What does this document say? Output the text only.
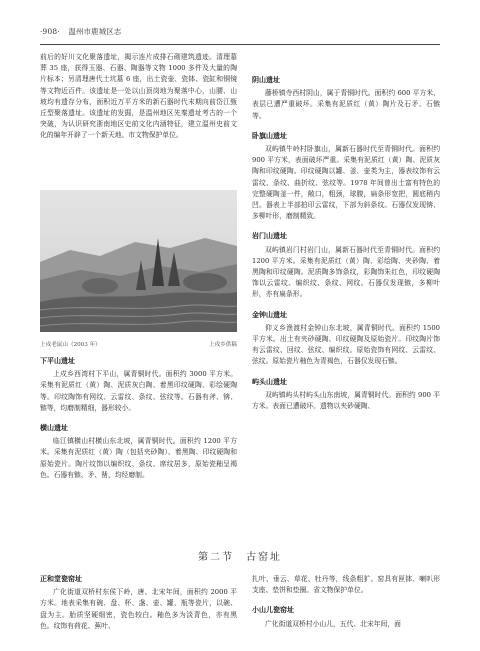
·908· 温州市鹿城区志

前后的好川文化聚落遗址，揭示连片成排石砌建筑遗迹。清理墓葬 35 座，获得玉器、石器、陶器等文物 1000 多件及大量的陶片标本；另清理唐代土坑墓 6 座，出土瓷壶、瓷钵、瓷缸和铜镜等文物近百件。该遗址是一处以山顶岗地为聚落中心，山腰、山坡均有遗存分布，面积近万平方米的新石器时代末期向前岱江甄丘型聚落遗址。该遗址的发掘，是温州地区先秦遗址考古的一个突破，为认识研究浙南地区史前文化内涵特征，建立温州史前文化的编年开辟了一个新天地。市文物保护单位。

上戍老鼠山（2003 年）	上戍乡供稿
下平山遗址

上戍乡西湾村下平山，属青铜时代。面积约 3000 平方米。采集有泥质红（黄）陶、泥质灰白陶、着黑印纹硬陶、彩绘硬陶等。印纹陶饰有网纹、云雷纹、条纹、弦纹等。石器有斧、锛、镞等，均磨制精细，器形较小。

横山遗址

临江镇横山村横山东北坡，属青铜时代。面积约 1200 平方米。采集有泥质红（黄）陶（包括夹砂陶）、着黑陶、印纹硬陶和原始瓷片。陶片纹饰以编织纹、条纹、席纹居多，原始瓷釉呈褐色。石器有镞、矛、凿，均经磨制。

阴山遗址

藤桥镇寺西村阴山，属于青铜时代。面积约 600 平方米，表层已遭严重破坏。采集有泥质红（黄）陶片及石矛、石镞等。

卧旗山遗址

双屿镇牛岭村卧旗山，属新石器时代至青铜时代。面积约 900 平方米，表面破坏严重。采集有泥质红（黄）陶、泥质灰陶和印纹硬陶。印纹硬陶以罐、釜、壶类为主，器表纹饰有云雷纹、条纹、曲折纹、弦纹等。1978 年间曾出土富有特色的完整硬陶釜一件，敞口，粗颈，球腹，扁条形宽把，圆底稍内凹。器表上半部拍印云雷纹，下部为斜条纹。石器仅发现锛、多柳叶形，磨制精致。

岩门山遗址

双屿镇岩门村岩门山，属新石器时代至青铜时代。面积约 1200 平方米。采集有泥质红（黄）陶、彩绘陶、夹砂陶、着黑陶和印纹硬陶。泥质陶多饰条纹，彩陶饰朱红色，印纹硬陶饰以云雷纹、编织纹、条纹、网纹。石器仅发现镞，多柳叶形，亦有扁条形。

金钟山遗址

仰义乡渔渡村金钟山东北坡，属青铜时代。面积约 1500 平方米。出土有夹砂硬陶、印纹硬陶及原始瓷片。印纹陶片饰有云雷纹、回纹、弦纹、编织纹。原始瓷饰有网纹、云雷纹、弦纹。原始瓷片釉色为青褐色，石器仅发现石镞。

屿头山遗址

双屿镇屿头村屿头山东南坡，属青铜时代。面积约 900 平方米。表面已遭破坏。遗物以夹砂硬陶、

第二节　古窑址
正和堂瓷窑址

广化街道双桥村东侯下岭，唐、北宋年间，面积约 2000 平方米。地表采集有碗、盘、杯、盏、壶、罐、瓶等瓷片，以碗、盘为主。胎质坚硬细密，瓷色较白。釉色多为淡青色，亦有黑色。纹饰有荷花、蕉叶、

扎叶、垂云、草花、牡丹等，线条粗犷。窑具有匣钵、喇叭形支座、垫饼和垫圈。省文物保护单位。

小山儿瓷窑址

广化街道双桥村小山儿，五代、北宋年间，面
